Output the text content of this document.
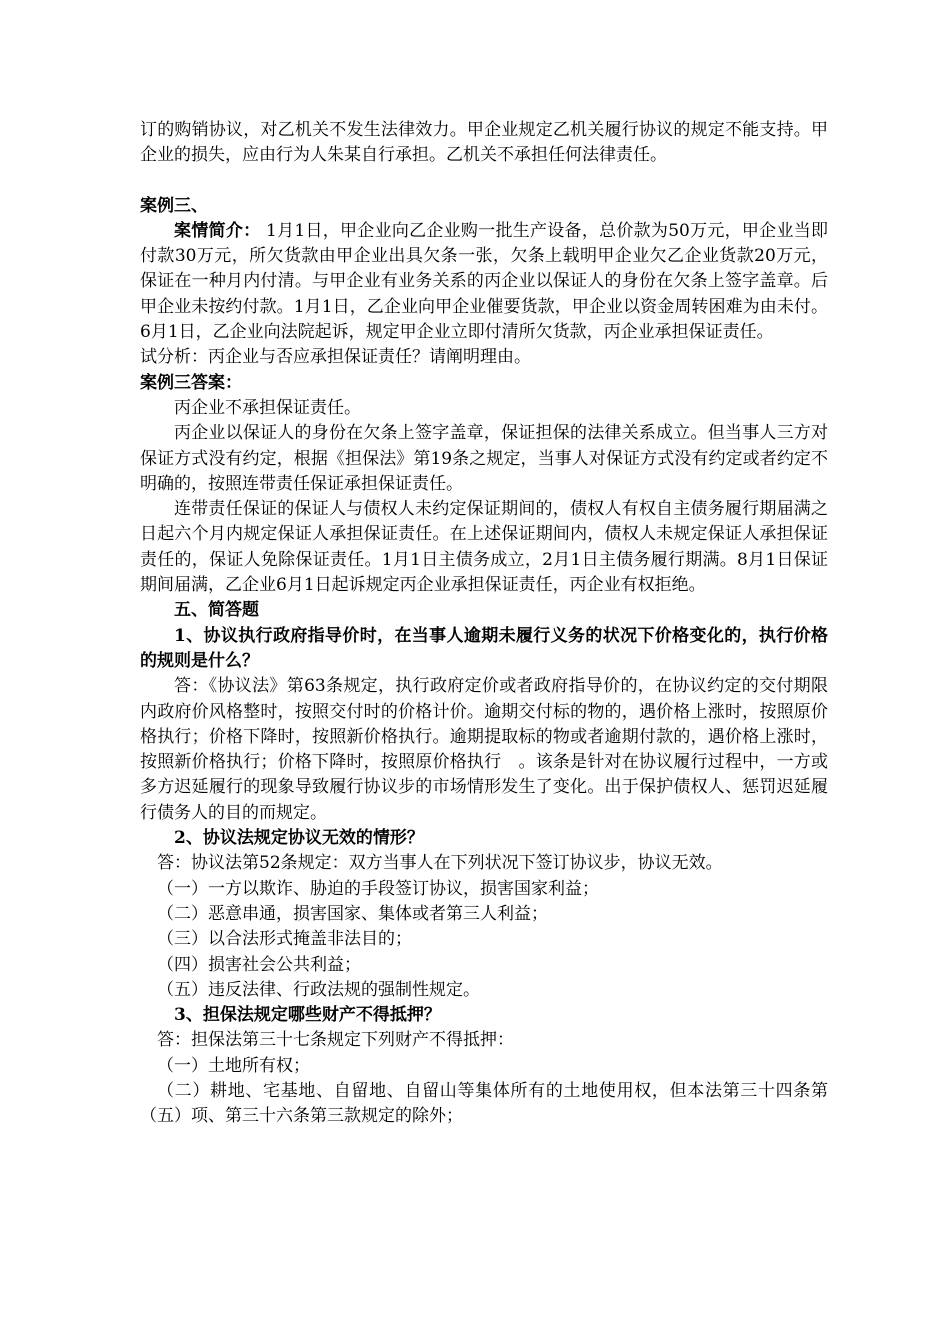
订的购销协议，对乙机关不发生法律效力。甲企业规定乙机关履行协议的规定不能支持。甲企业的损失，应由行为人朱某自行承担。乙机关不承担任何法律责任。

案例三、

案情简介： 1月1日，甲企业向乙企业购一批生产设备，总价款为50万元，甲企业当即付款30万元，所欠货款由甲企业出具欠条一张，欠条上载明甲企业欠乙企业货款20万元，保证在一种月内付清。与甲企业有业务关系的丙企业以保证人的身份在欠条上签字盖章。后甲企业未按约付款。1月1日，乙企业向甲企业催要货款，甲企业以资金周转困难为由未付。6月1日，乙企业向法院起诉，规定甲企业立即付清所欠货款，丙企业承担保证责任。

试分析：丙企业与否应承担保证责任？请阐明理由。

案例三答案：

丙企业不承担保证责任。

丙企业以保证人的身份在欠条上签字盖章，保证担保的法律关系成立。但当事人三方对保证方式没有约定，根据《担保法》第19条之规定，当事人对保证方式没有约定或者约定不明确的，按照连带责任保证承担保证责任。

连带责任保证的保证人与债权人未约定保证期间的，债权人有权自主债务履行期届满之日起六个月内规定保证人承担保证责任。在上述保证期间内，债权人未规定保证人承担保证责任的，保证人免除保证责任。1月1日主债务成立，2月1日主债务履行期满。8月1日保证期间届满，乙企业6月1日起诉规定丙企业承担保证责任，丙企业有权拒绝。

五、简答题

1、协议执行政府指导价时，在当事人逾期未履行义务的状况下价格变化的，执行价格的规则是什么？

答：《协议法》第63条规定，执行政府定价或者政府指导价的，在协议约定的交付期限内政府价风格整时，按照交付时的价格计价。逾期交付标的物的，遇价格上涨时，按照原价格执行；价格下降时，按照新价格执行。逾期提取标的物或者逾期付款的，遇价格上涨时，按照新价格执行；价格下降时，按照原价格执行　。该条是针对在协议履行过程中，一方或多方迟延履行的现象导致履行协议步的市场情形发生了变化。出于保护债权人、惩罚迟延履行债务人的目的而规定。

2、协议法规定协议无效的情形？

答：协议法第52条规定：双方当事人在下列状况下签订协议步，协议无效。

（一）一方以欺诈、胁迫的手段签订协议，损害国家利益；

（二）恶意串通，损害国家、集体或者第三人利益；

（三）以合法形式掩盖非法目的；

（四）损害社会公共利益；

（五）违反法律、行政法规的强制性规定。

3、担保法规定哪些财产不得抵押？

答：担保法第三十七条规定下列财产不得抵押：

（一）土地所有权；

（二）耕地、宅基地、自留地、自留山等集体所有的土地使用权，但本法第三十四条第（五）项、第三十六条第三款规定的除外；
